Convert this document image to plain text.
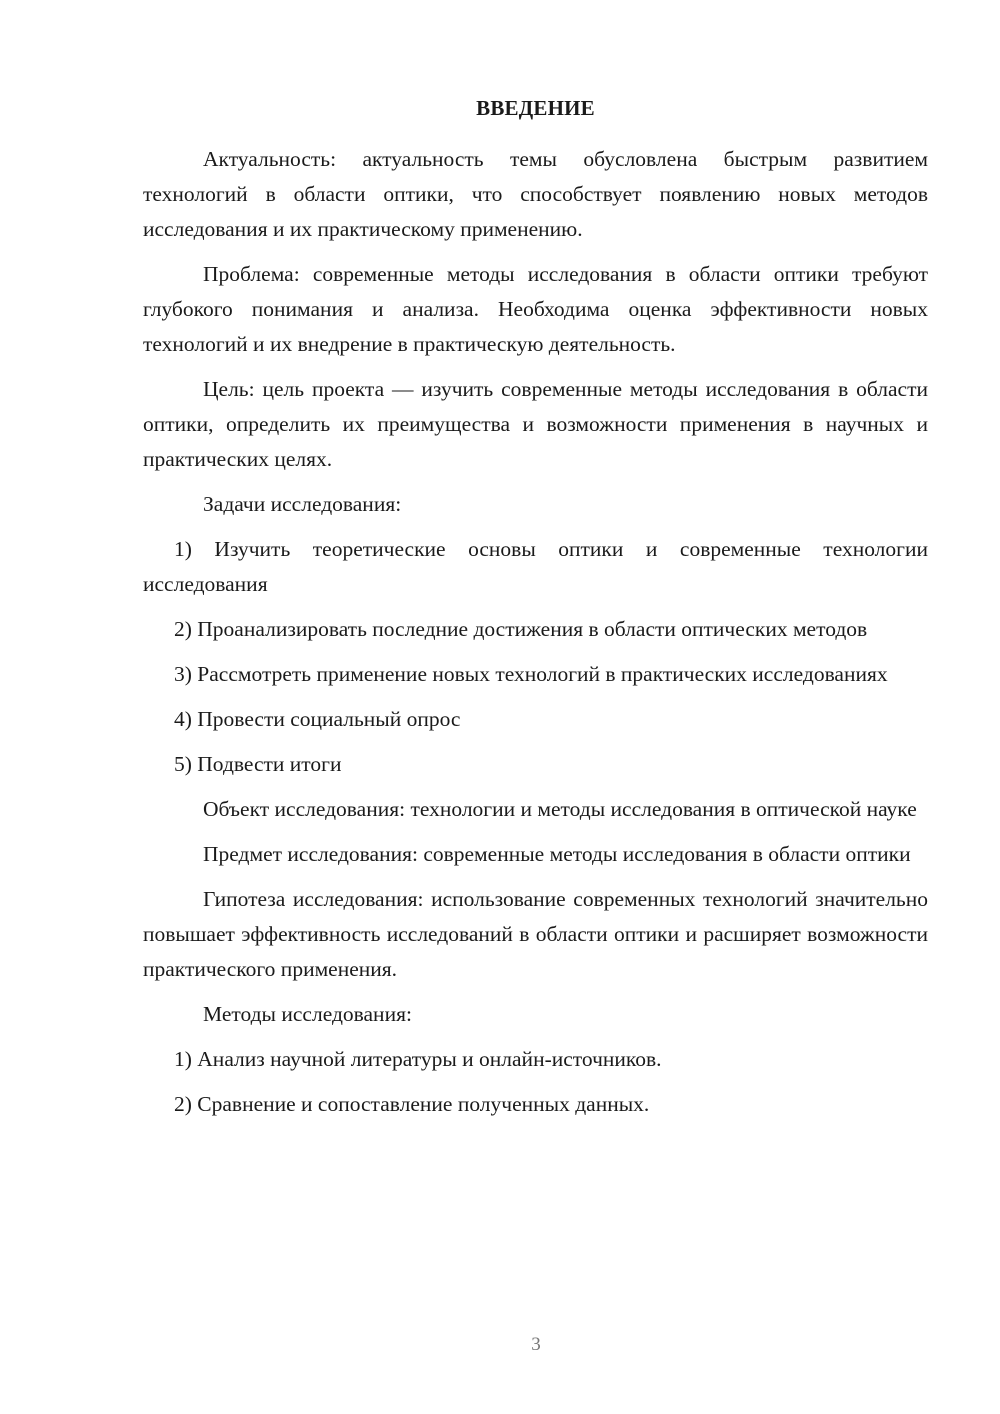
ВВЕДЕНИЕ

Актуальность: актуальность темы обусловлена быстрым развитием технологий в области оптики, что способствует появлению новых методов исследования и их практическому применению.

Проблема: современные методы исследования в области оптики требуют глубокого понимания и анализа. Необходима оценка эффективности новых технологий и их внедрение в практическую деятельность.

Цель: цель проекта — изучить современные методы исследования в области оптики, определить их преимущества и возможности применения в научных и практических целях.

Задачи исследования:

1) Изучить теоретические основы оптики и современные технологии исследования

2) Проанализировать последние достижения в области оптических методов

3) Рассмотреть применение новых технологий в практических исследованиях

4) Провести социальный опрос

5) Подвести итоги

Объект исследования: технологии и методы исследования в оптической науке

Предмет исследования: современные методы исследования в области оптики

Гипотеза исследования: использование современных технологий значительно повышает эффективность исследований в области оптики и расширяет возможности практического применения.

Методы исследования:

1) Анализ научной литературы и онлайн-источников.

2) Сравнение и сопоставление полученных данных.

3
